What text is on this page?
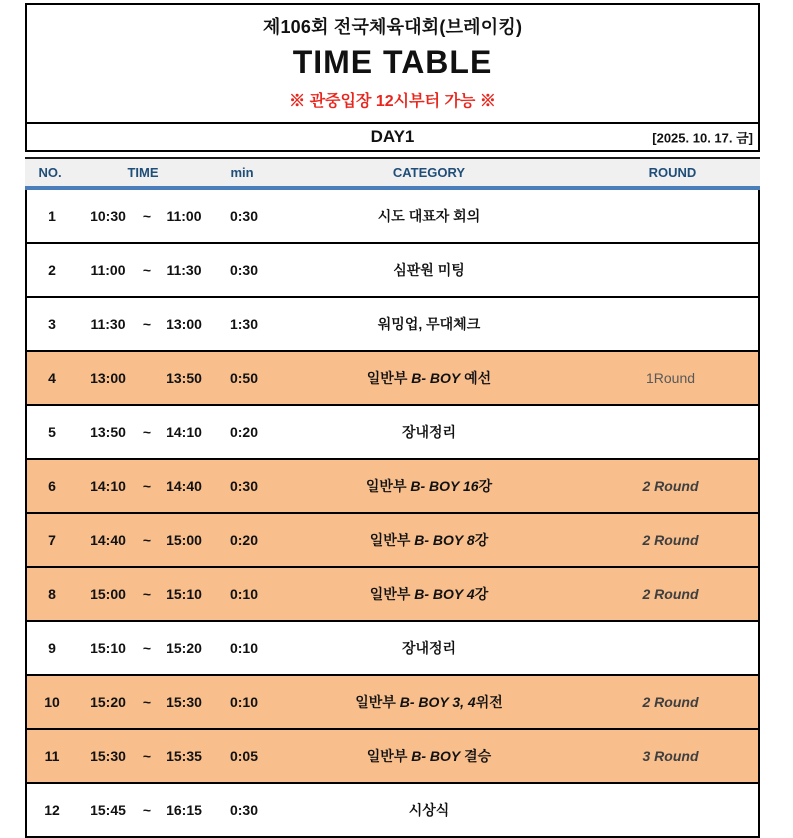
제106회 전국체육대회(브레이킹)
TIME TABLE
※ 관중입장 12시부터 가능 ※
DAY1	[2025. 10. 17. 금]
NO.	TIME	min	CATEGORY	ROUND
1	10:30	~	11:00	0:30	시도 대표자 회의
2	11:00	~	11:30	0:30	심판원 미팅
3	11:30	~	13:00	1:30	워밍업, 무대체크
4	13:00	13:50	0:50	일반부 B- BOY 예선	1Round
5	13:50	~	14:10	0:20	장내정리
6	14:10	~	14:40	0:30	일반부 B- BOY 16강	2 Round
7	14:40	~	15:00	0:20	일반부 B- BOY 8강	2 Round
8	15:00	~	15:10	0:10	일반부 B- BOY 4강	2 Round
9	15:10	~	15:20	0:10	장내정리
10	15:20	~	15:30	0:10	일반부 B- BOY 3, 4위전	2 Round
11	15:30	~	15:35	0:05	일반부 B- BOY 결승	3 Round
12	15:45	~	16:15	0:30	시상식
